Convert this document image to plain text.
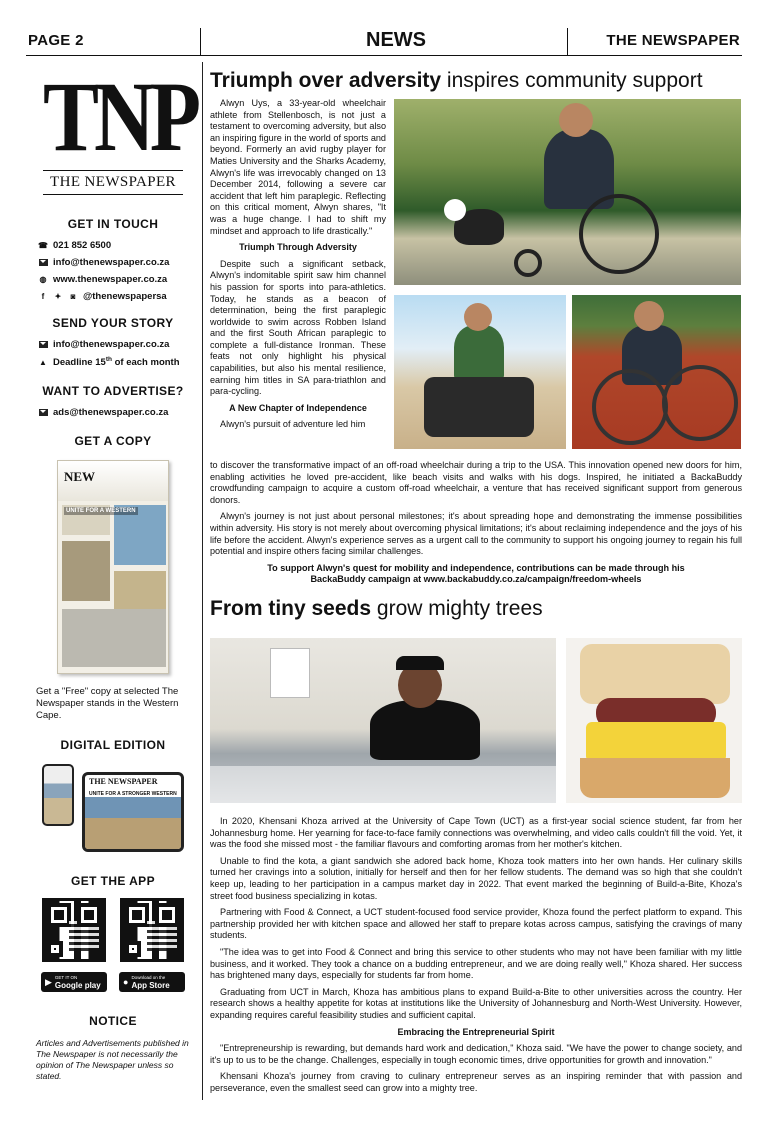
PAGE 2	NEWS	THE NEWSPAPER
TNP
THE NEWSPAPER
GET IN TOUCH
☎ 021 852 6500
info@thenewspaper.co.za
◍ www.thenewspaper.co.za
f	✦	◙ @thenewspapersa
SEND YOUR STORY
info@thenewspaper.co.za
▲ Deadline 15th of each month
WANT TO ADVERTISE?
ads@thenewspaper.co.za
GET A COPY
NEW
UNITE FOR A WESTERN
Get a "Free" copy at selected The Newspaper stands in the Western Cape.
DIGITAL EDITION
THE NEWSPAPER
UNITE FOR A STRONGER WESTERN
GET THE APP
▶ GET IT ON
Google play ● Download on the
App Store
NOTICE
Articles and Advertisements published in The Newspaper is not necessarily the opinion of The Newspaper unless so stated.
Triumph over adversity inspires community support

Alwyn Uys, a 33-year-old wheelchair athlete from Stellenbosch, is not just a testament to overcoming adversity, but also an inspiring figure in the world of sports and beyond. Formerly an avid rugby player for Maties University and the Sharks Academy, Alwyn's life was irrevocably changed on 13 December 2014, following a severe car accident that left him paraplegic. Reflecting on this critical moment, Alwyn shares, "It was a huge change. I had to shift my mindset and approach to life drastically."

Triumph Through Adversity

Despite such a significant setback, Alwyn's indomitable spirit saw him channel his passion for sports into para-athletics. Today, he stands as a beacon of determination, being the first paraplegic worldwide to swim across Robben Island and the first South African paraplegic to complete a full-distance Ironman. These feats not only highlight his physical capabilities, but also his mental resilience, earning him titles in SA para-triathlon and para-cycling.

A New Chapter of Independence

Alwyn's pursuit of adventure led him

to discover the transformative impact of an off-road wheelchair during a trip to the USA. This innovation opened new doors for him, enabling activities he loved pre-accident, like beach visits and walks with his dogs. Inspired, he initiated a BackaBuddy crowdfunding campaign to acquire a custom off-road wheelchair, a venture that has received significant support from generous donors.

Alwyn's journey is not just about personal milestones; it's about spreading hope and demonstrating the immense possibilities within adversity. His story is not merely about overcoming physical limitations; it's about reclaiming independence and the joys of his life before the accident. Alwyn's experience serves as a urgent call to the community to support his ongoing journey to regain his full potential and inspire others facing similar challenges.

To support Alwyn's quest for mobility and independence, contributions can be made through his BackaBuddy campaign at www.backabuddy.co.za/campaign/freedom-wheels

From tiny seeds grow mighty trees

In 2020, Khensani Khoza arrived at the University of Cape Town (UCT) as a first-year social science student, far from her Johannesburg home. Her yearning for face-to-face family connections was overwhelming, and video calls couldn't fill the void. Yet, it was the food she missed most - the familiar flavours and comforting aromas from her mother's kitchen.

Unable to find the kota, a giant sandwich she adored back home, Khoza took matters into her own hands. Her culinary skills turned her cravings into a solution, initially for herself and then for her fellow students. The demand was so high that she couldn't keep up, leading to her participation in a campus market day in 2022. That event marked the beginning of Build-a-Bite, Khoza's street food business specializing in kotas.

Partnering with Food & Connect, a UCT student-focused food service provider, Khoza found the perfect platform to expand. This partnership provided her with kitchen space and allowed her staff to prepare kotas across campus, satisfying the cravings of many students.

"The idea was to get into Food & Connect and bring this service to other students who may not have been familiar with my little business, and it worked. They took a chance on a budding entrepreneur, and we are doing really well," Khoza shared. Her success has brightened many days, especially for students far from home.

Graduating from UCT in March, Khoza has ambitious plans to expand Build-a-Bite to other universities across the country. Her research shows a healthy appetite for kotas at institutions like the University of Johannesburg and North-West University. However, expanding requires careful feasibility studies and sufficient capital.

Embracing the Entrepreneurial Spirit

"Entrepreneurship is rewarding, but demands hard work and dedication," Khoza said. "We have the power to change society, and it's up to us to be the change. Challenges, especially in tough economic times, drive opportunities for growth and innovation."

Khensani Khoza's journey from craving to culinary entrepreneur serves as an inspiring reminder that with passion and perseverance, even the smallest seed can grow into a mighty tree.
